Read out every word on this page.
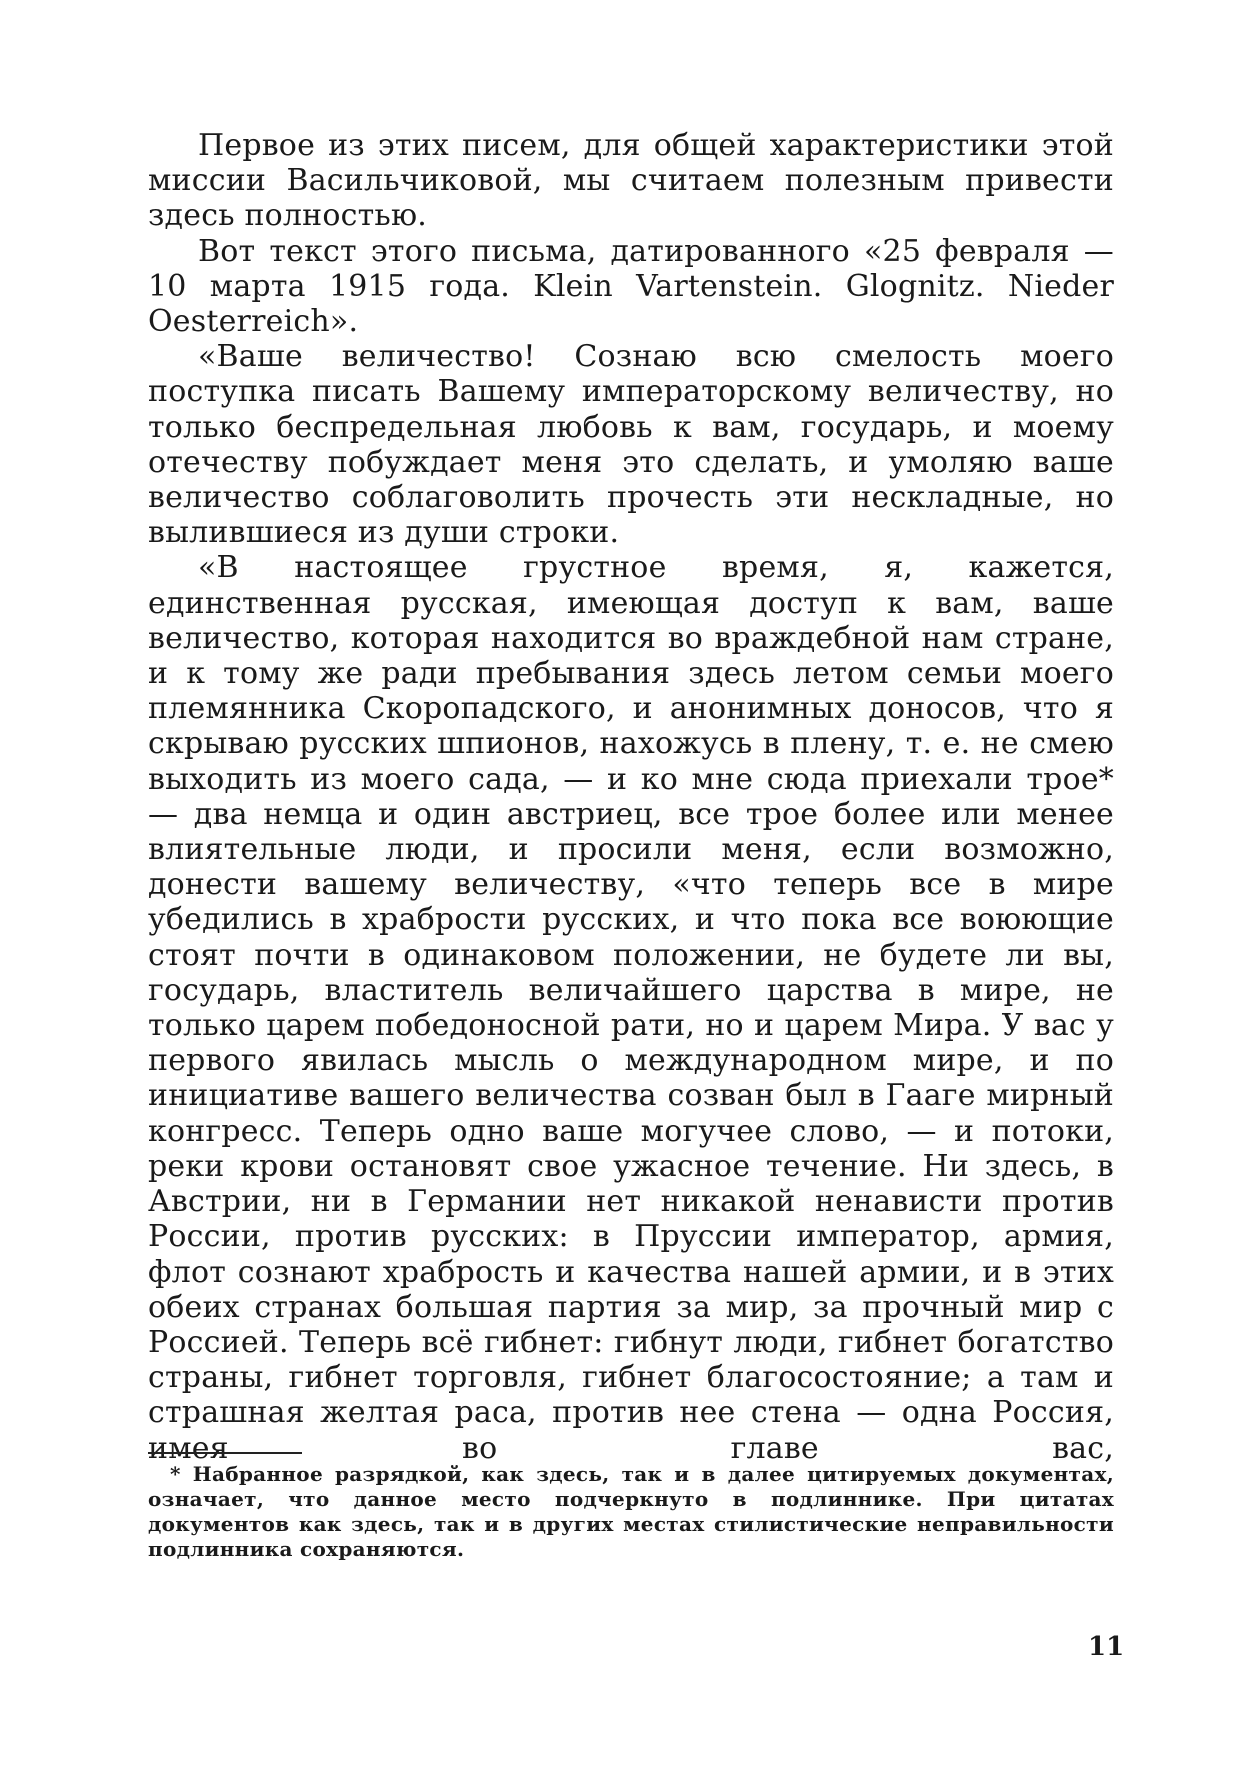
Первое из этих писем, для общей характеристики этой миссии Васильчиковой, мы считаем полезным привести здесь полностью.

Вот текст этого письма, датированного «25 февраля — 10 марта 1915 года. Klein Vartenstein. Glognitz. Nieder Oesterreich».

«Ваше величество! Сознаю всю смелость моего поступка писать Вашему императорскому величеству, но только беспредельная любовь к вам, государь, и моему отечеству побуждает меня это сделать, и умоляю ваше величество соблаговолить прочесть эти нескладные, но вылившиеся из души строки.

«В настоящее грустное время, я, кажется, единственная русская, имеющая доступ к вам, ваше величество, которая находится во враждебной нам стране, и к тому же ради пребывания здесь летом семьи моего племянника Скоропадского, и анонимных доносов, что я скрываю русских шпионов, нахожусь в плену, т. е. не смею выходить из моего сада, — и ко мне сюда приехали трое* — два немца и один австриец, все трое более или менее влиятельные люди, и просили меня, если возможно, донести вашему величеству, «что теперь все в мире убедились в храбрости русских, и что пока все воюющие стоят почти в одинаковом положении, не будете ли вы, государь, властитель величайшего царства в мире, не только царем победоносной рати, но и царем Мира. У вас у первого явилась мысль о международном мире, и по инициативе вашего величества созван был в Гааге мирный конгресс. Теперь одно ваше могучее слово, — и потоки, реки крови остановят свое ужасное течение. Ни здесь, в Австрии, ни в Германии нет никакой ненависти против России, против русских: в Пруссии император, армия, флот сознают храбрость и качества нашей армии, и в этих обеих странах большая партия за мир, за прочный мир с Россией. Теперь всё гибнет: гибнут люди, гибнет богатство страны, гибнет торговля, гибнет благосостояние; а там и страшная желтая раса, против нее стена — одна Россия, имея во главе вас,

* Набранное разрядкой, как здесь, так и в далее цитируемых документах, означает, что данное место подчеркнуто в подлиннике. При цитатах документов как здесь, так и в других местах стилистические неправильности подлинника сохраняются.
11
